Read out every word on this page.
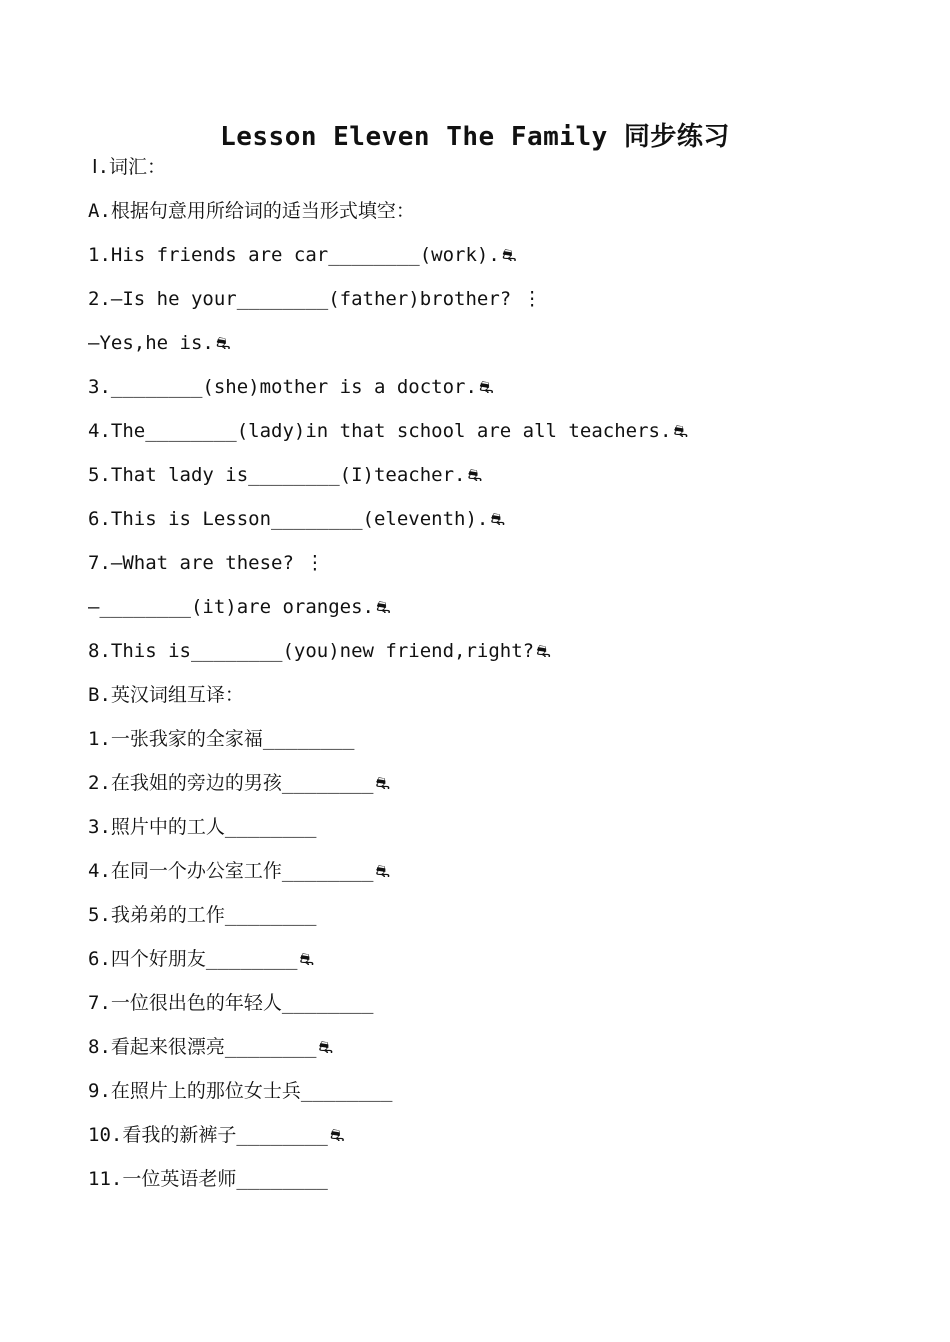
Lesson Eleven The Family 同步练习
Ⅰ.词汇：
A.根据句意用所给词的适当形式填空：
1.His friends are car________(work). ⛐
2.—Is he your________(father)brother? ⋮
—Yes,he is. ⛐
3.________(she)mother is a doctor. ⛐
4.The________(lady)in that school are all teachers. ⛐
5.That lady is________(I)teacher. ⛐
6.This is Lesson________(eleventh). ⛐
7.—What are these? ⋮
—________(it)are oranges. ⛐
8.This is________(you)new friend,right? ⛐
B.英汉词组互译：
1.一张我家的全家福________
2.在我姐的旁边的男孩________ ⛐
3.照片中的工人________
4.在同一个办公室工作________ ⛐
5.我弟弟的工作________
6.四个好朋友________ ⛐
7.一位很出色的年轻人________
8.看起来很漂亮________ ⛐
9.在照片上的那位女士兵________
10.看我的新裤子________ ⛐
11.一位英语老师________
